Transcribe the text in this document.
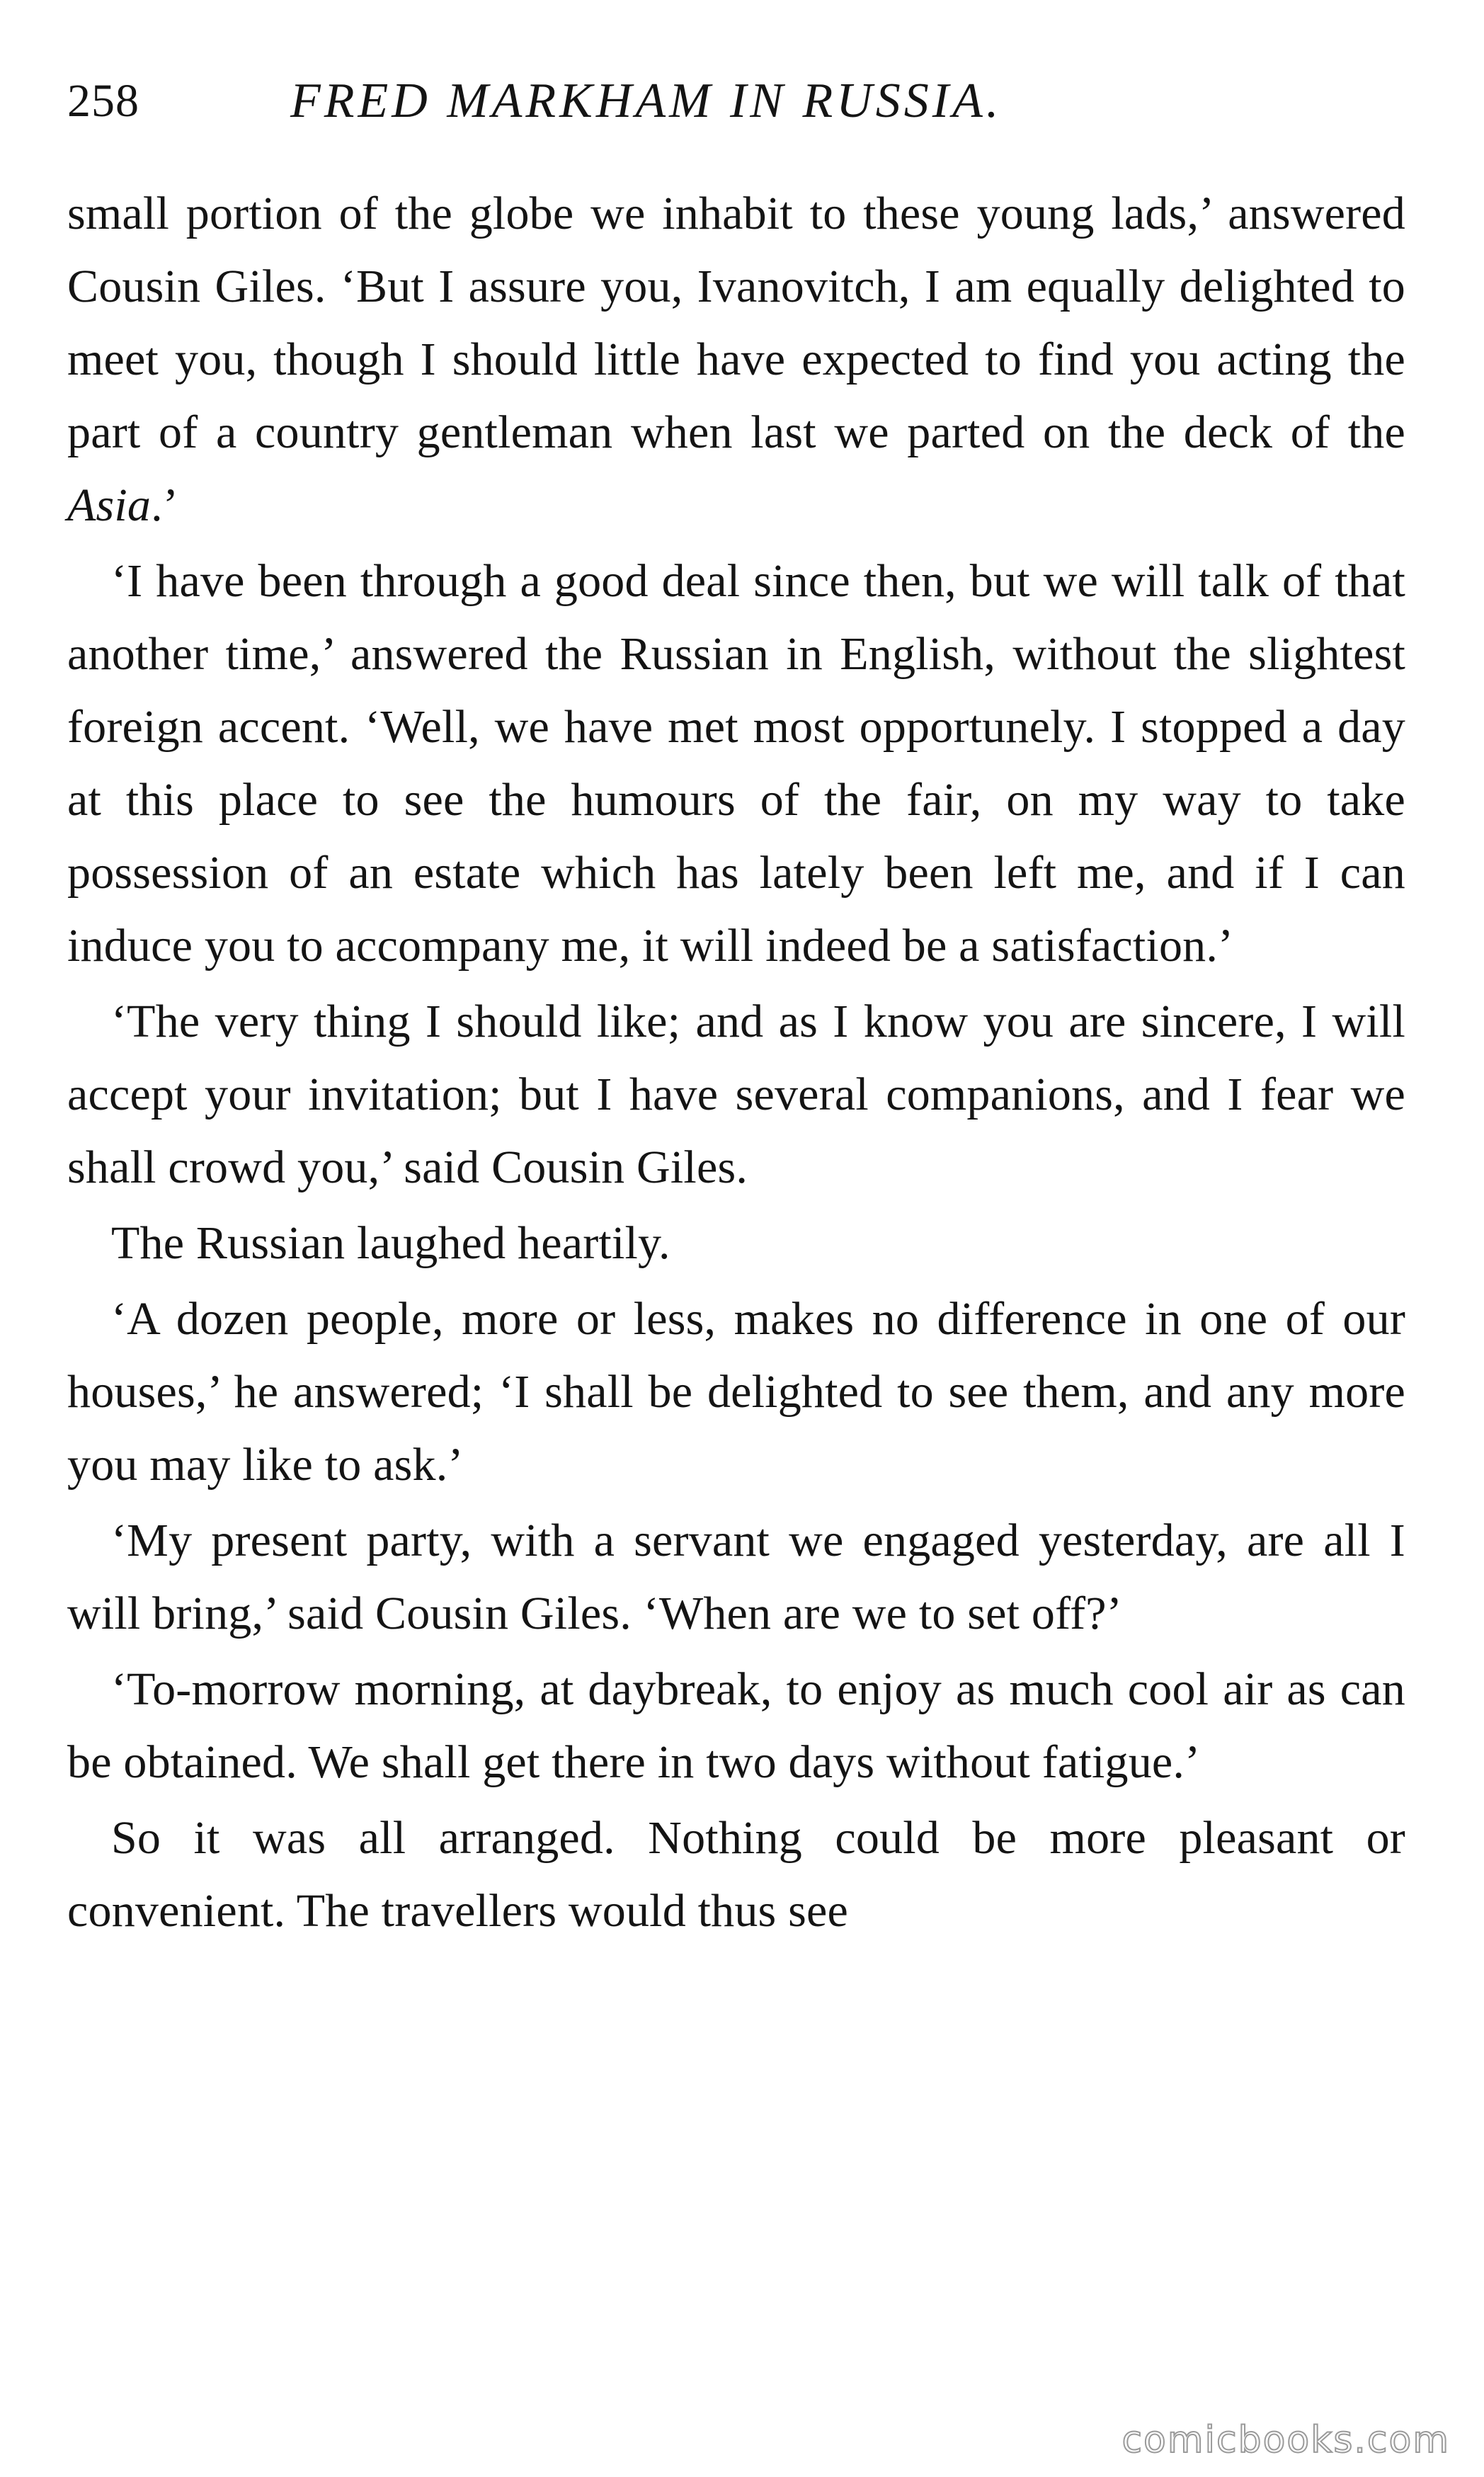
258	FRED MARKHAM IN RUSSIA.

small portion of the globe we inhabit to these young lads,’ answered Cousin Giles. ‘But I assure you, Ivanovitch, I am equally delighted to meet you, though I should little have expected to find you acting the part of a country gentleman when last we parted on the deck of the Asia.’

‘I have been through a good deal since then, but we will talk of that another time,’ answered the Russian in English, without the slightest foreign accent. ‘Well, we have met most opportunely. I stopped a day at this place to see the humours of the fair, on my way to take possession of an estate which has lately been left me, and if I can induce you to accompany me, it will indeed be a satisfaction.’

‘The very thing I should like; and as I know you are sincere, I will accept your invitation; but I have several companions, and I fear we shall crowd you,’ said Cousin Giles.

The Russian laughed heartily.

‘A dozen people, more or less, makes no difference in one of our houses,’ he answered; ‘I shall be delighted to see them, and any more you may like to ask.’

‘My present party, with a servant we engaged yesterday, are all I will bring,’ said Cousin Giles. ‘When are we to set off?’

‘To-morrow morning, at daybreak, to enjoy as much cool air as can be obtained. We shall get there in two days without fatigue.’

So it was all arranged. Nothing could be more pleasant or convenient. The travellers would thus see

comicbooks.com
